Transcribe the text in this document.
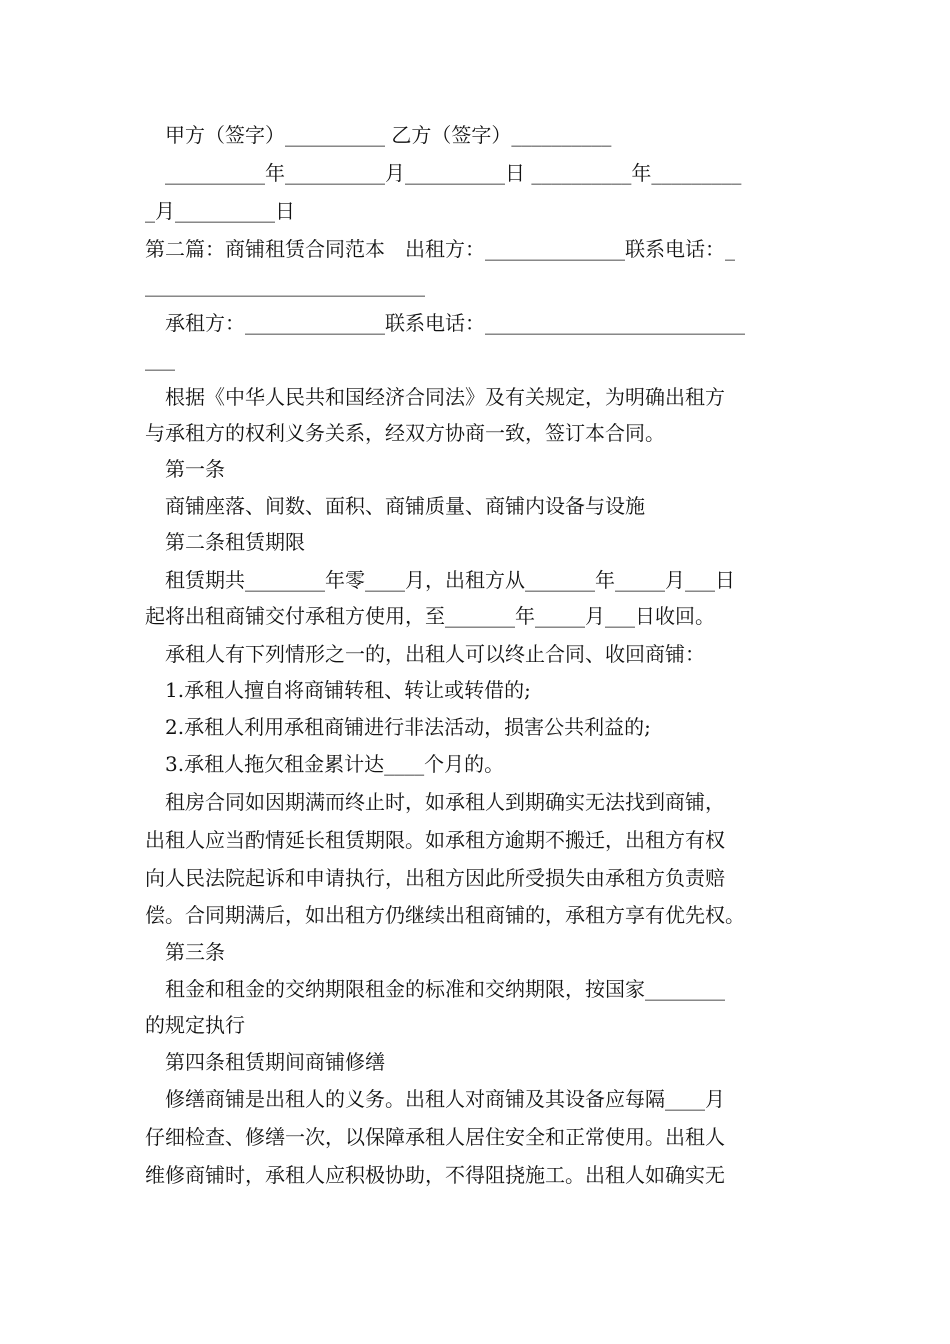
　甲方（签字）__________ 乙方（签字）__________
　__________年__________月__________日 __________年_________
_月__________日
第二篇：商铺租赁合同范本　出租方：______________联系电话：_
____________________________
　承租方：______________联系电话：__________________________
___
　根据《中华人民共和国经济合同法》及有关规定，为明确出租方
与承租方的权利义务关系，经双方协商一致，签订本合同。
　第一条
　商铺座落、间数、面积、商铺质量、商铺内设备与设施
　第二条租赁期限
　租赁期共________年零____月，出租方从_______年_____月___日
起将出租商铺交付承租方使用，至_______年_____月___日收回。
　承租人有下列情形之一的，出租人可以终止合同、收回商铺：
　1.承租人擅自将商铺转租、转让或转借的;
　2.承租人利用承租商铺进行非法活动，损害公共利益的;
　3.承租人拖欠租金累计达____个月的。
　租房合同如因期满而终止时，如承租人到期确实无法找到商铺，
出租人应当酌情延长租赁期限。如承租方逾期不搬迁，出租方有权
向人民法院起诉和申请执行，出租方因此所受损失由承租方负责赔
偿。合同期满后，如出租方仍继续出租商铺的，承租方享有优先权。
　第三条
　租金和租金的交纳期限租金的标准和交纳期限，按国家________
的规定执行
　第四条租赁期间商铺修缮
　修缮商铺是出租人的义务。出租人对商铺及其设备应每隔____月
仔细检查、修缮一次，以保障承租人居住安全和正常使用。出租人
维修商铺时，承租人应积极协助，不得阻挠施工。出租人如确实无
